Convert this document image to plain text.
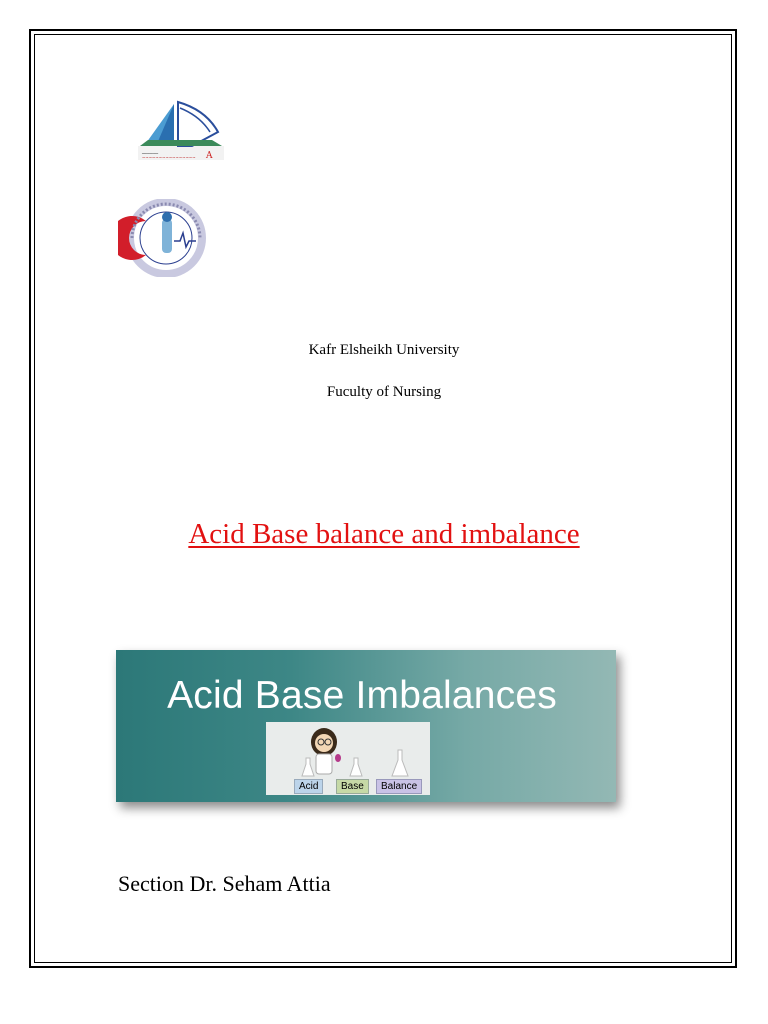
ـــــــــــ
~~~~~~~~~~~~~~~~ A
Kafr Elsheikh University
Fuculty of Nursing
Acid Base balance and imbalance
Acid Base Imbalances
Acid	Base	Balance
Section Dr. Seham Attia
